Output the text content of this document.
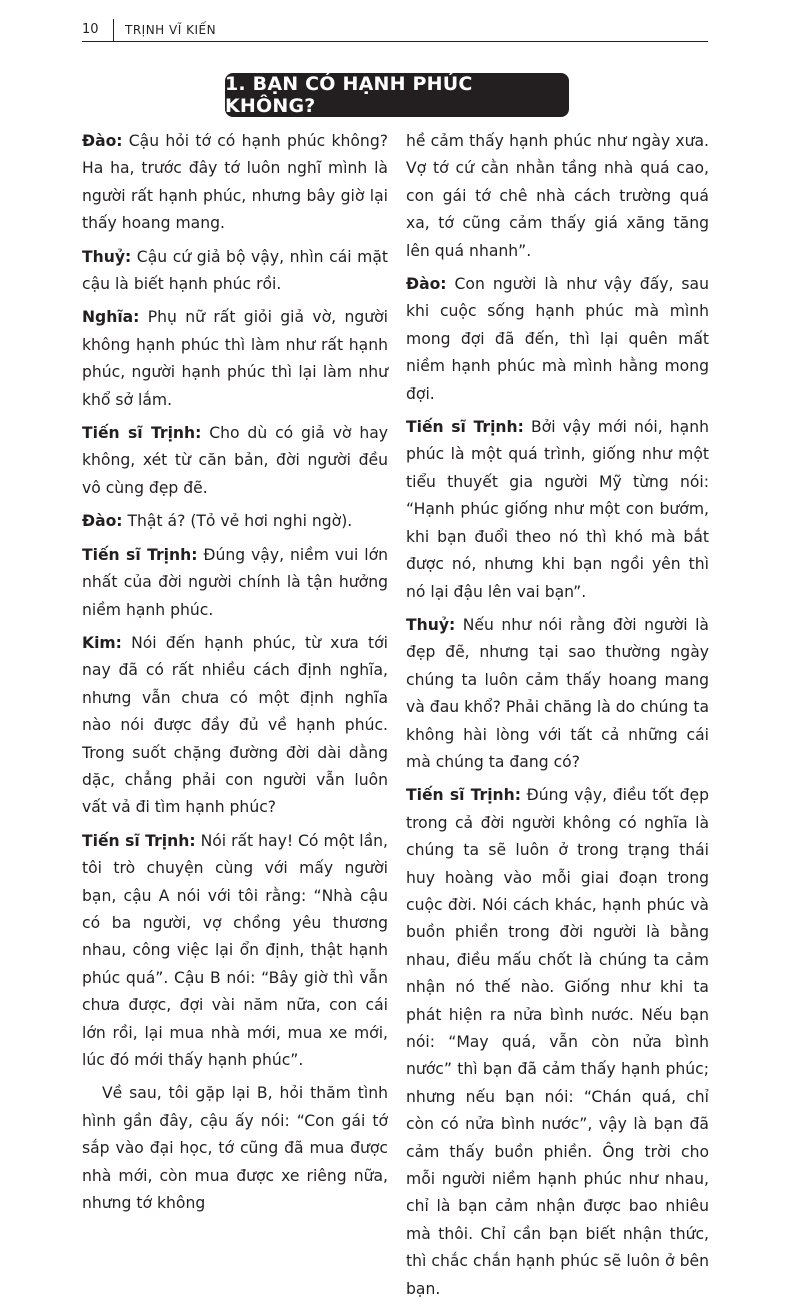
10 TRỊNH VĨ KIẾN
1. BẠN CÓ HẠNH PHÚC KHÔNG?

Đào: Cậu hỏi tớ có hạnh phúc không? Ha ha, trước đây tớ luôn nghĩ mình là người rất hạnh phúc, nhưng bây giờ lại thấy hoang mang.

Thuỷ: Cậu cứ giả bộ vậy, nhìn cái mặt cậu là biết hạnh phúc rồi.

Nghĩa: Phụ nữ rất giỏi giả vờ, người không hạnh phúc thì làm như rất hạnh phúc, người hạnh phúc thì lại làm như khổ sở lắm.

Tiến sĩ Trịnh: Cho dù có giả vờ hay không, xét từ căn bản, đời người đều vô cùng đẹp đẽ.

Đào: Thật á? (Tỏ vẻ hơi nghi ngờ).

Tiến sĩ Trịnh: Đúng vậy, niềm vui lớn nhất của đời người chính là tận hưởng niềm hạnh phúc.

Kim: Nói đến hạnh phúc, từ xưa tới nay đã có rất nhiều cách định nghĩa, nhưng vẫn chưa có một định nghĩa nào nói được đầy đủ về hạnh phúc. Trong suốt chặng đường đời dài dằng dặc, chẳng phải con người vẫn luôn vất vả đi tìm hạnh phúc?

Tiến sĩ Trịnh: Nói rất hay! Có một lần, tôi trò chuyện cùng với mấy người bạn, cậu A nói với tôi rằng: “Nhà cậu có ba người, vợ chồng yêu thương nhau, công việc lại ổn định, thật hạnh phúc quá”. Cậu B nói: “Bây giờ thì vẫn chưa được, đợi vài năm nữa, con cái lớn rồi, lại mua nhà mới, mua xe mới, lúc đó mới thấy hạnh phúc”.

Về sau, tôi gặp lại B, hỏi thăm tình hình gần đây, cậu ấy nói: “Con gái tớ sắp vào đại học, tớ cũng đã mua được nhà mới, còn mua được xe riêng nữa, nhưng tớ không

hề cảm thấy hạnh phúc như ngày xưa. Vợ tớ cứ cằn nhằn tầng nhà quá cao, con gái tớ chê nhà cách trường quá xa, tớ cũng cảm thấy giá xăng tăng lên quá nhanh”.

Đào: Con người là như vậy đấy, sau khi cuộc sống hạnh phúc mà mình mong đợi đã đến, thì lại quên mất niềm hạnh phúc mà mình hằng mong đợi.

Tiến sĩ Trịnh: Bởi vậy mới nói, hạnh phúc là một quá trình, giống như một tiểu thuyết gia người Mỹ từng nói: “Hạnh phúc giống như một con bướm, khi bạn đuổi theo nó thì khó mà bắt được nó, nhưng khi bạn ngồi yên thì nó lại đậu lên vai bạn”.

Thuỷ: Nếu như nói rằng đời người là đẹp đẽ, nhưng tại sao thường ngày chúng ta luôn cảm thấy hoang mang và đau khổ? Phải chăng là do chúng ta không hài lòng với tất cả những cái mà chúng ta đang có?

Tiến sĩ Trịnh: Đúng vậy, điều tốt đẹp trong cả đời người không có nghĩa là chúng ta sẽ luôn ở trong trạng thái huy hoàng vào mỗi giai đoạn trong cuộc đời. Nói cách khác, hạnh phúc và buồn phiền trong đời người là bằng nhau, điều mấu chốt là chúng ta cảm nhận nó thế nào. Giống như khi ta phát hiện ra nửa bình nước. Nếu bạn nói: “May quá, vẫn còn nửa bình nước” thì bạn đã cảm thấy hạnh phúc; nhưng nếu bạn nói: “Chán quá, chỉ còn có nửa bình nước”, vậy là bạn đã cảm thấy buồn phiền. Ông trời cho mỗi người niềm hạnh phúc như nhau, chỉ là bạn cảm nhận được bao nhiêu mà thôi. Chỉ cần bạn biết nhận thức, thì chắc chắn hạnh phúc sẽ luôn ở bên bạn.
